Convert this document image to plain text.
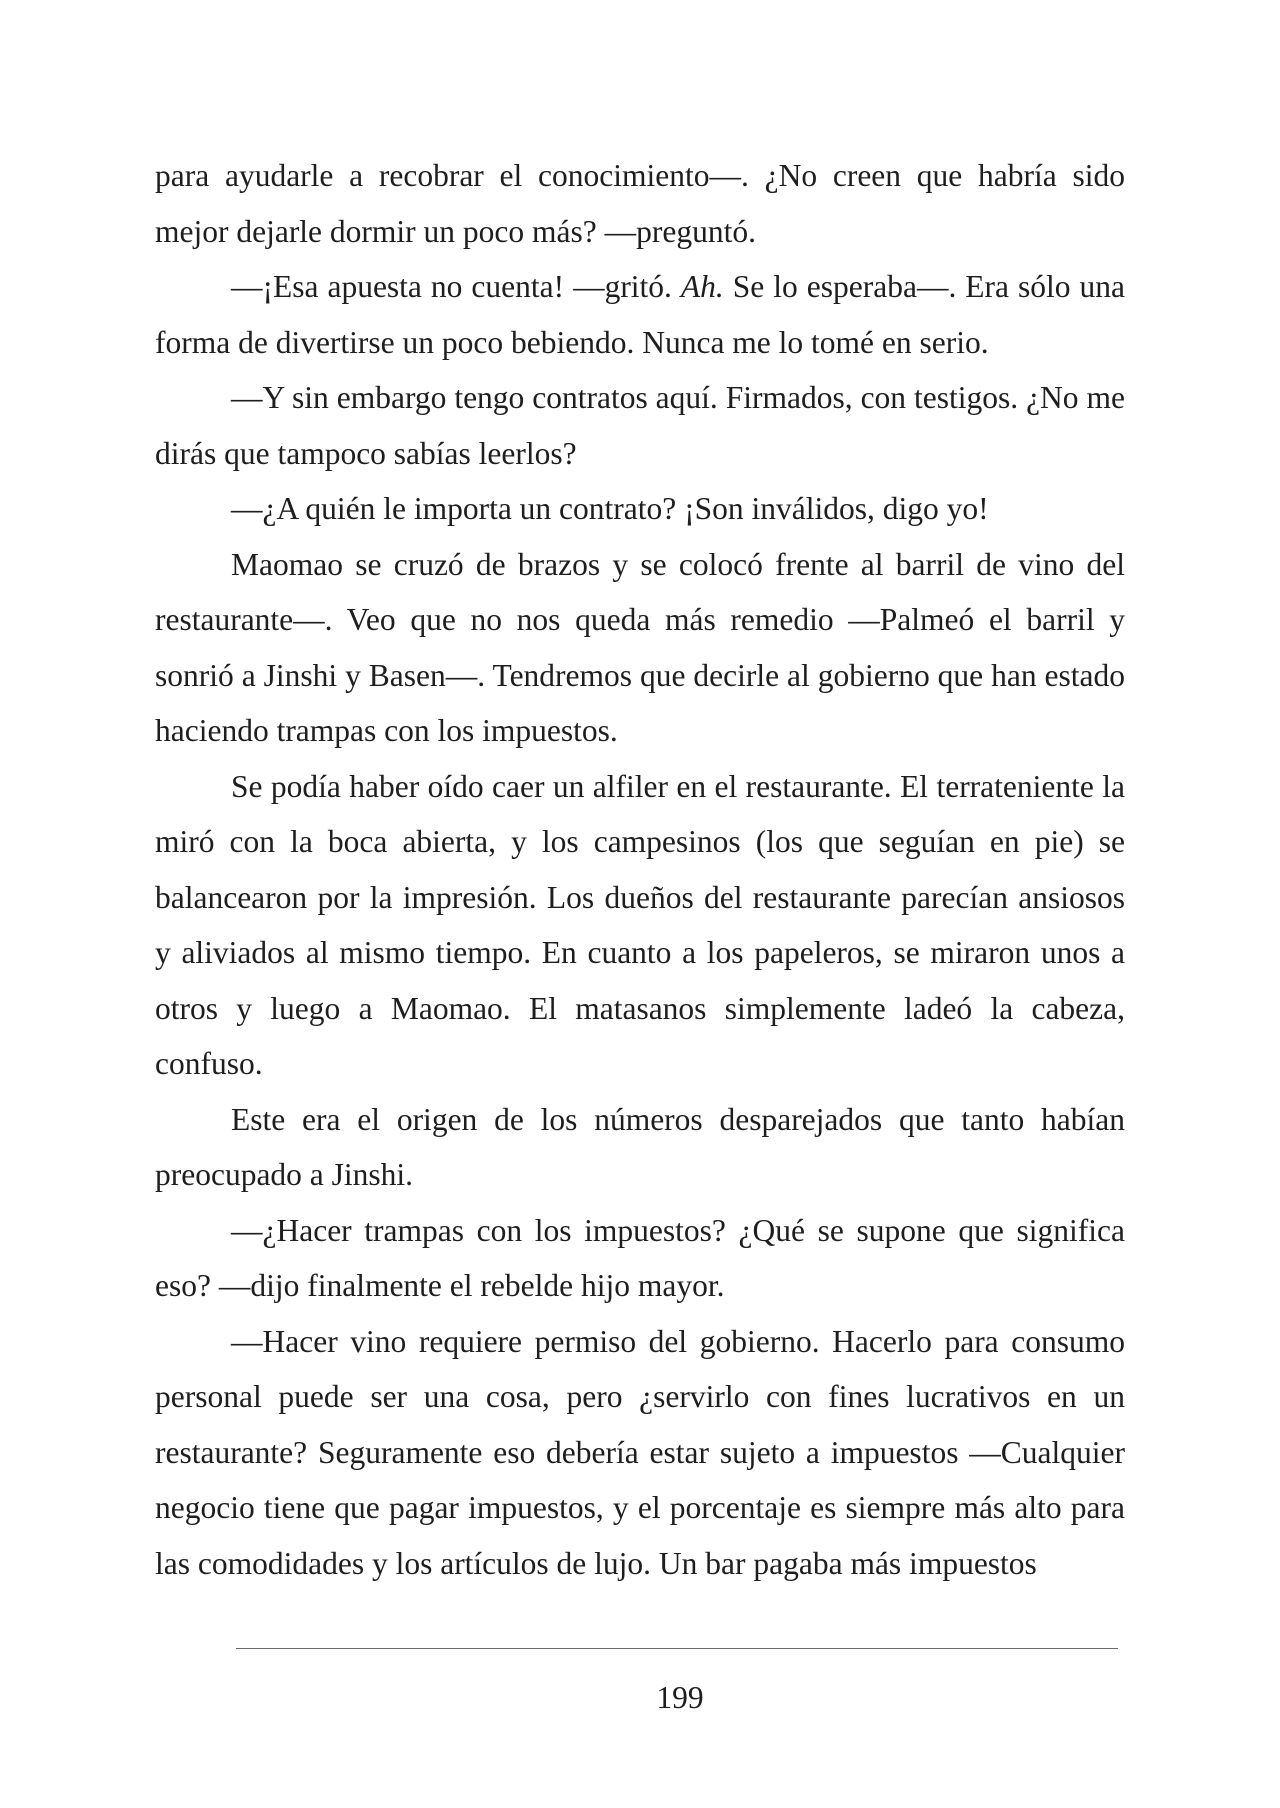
para ayudarle a recobrar el conocimiento—. ¿No creen que habría sido mejor dejarle dormir un poco más? —preguntó.

—¡Esa apuesta no cuenta! —gritó. Ah. Se lo esperaba—. Era sólo una forma de divertirse un poco bebiendo. Nunca me lo tomé en serio.

—Y sin embargo tengo contratos aquí. Firmados, con testigos. ¿No me dirás que tampoco sabías leerlos?

—¿A quién le importa un contrato? ¡Son inválidos, digo yo!

Maomao se cruzó de brazos y se colocó frente al barril de vino del restaurante—. Veo que no nos queda más remedio —Palmeó el barril y sonrió a Jinshi y Basen—. Tendremos que decirle al gobierno que han estado haciendo trampas con los impuestos.

Se podía haber oído caer un alfiler en el restaurante. El terrateniente la miró con la boca abierta, y los campesinos (los que seguían en pie) se balancearon por la impresión. Los dueños del restaurante parecían ansiosos y aliviados al mismo tiempo. En cuanto a los papeleros, se miraron unos a otros y luego a Maomao. El matasanos simplemente ladeó la cabeza, confuso.

Este era el origen de los números desparejados que tanto habían preocupado a Jinshi.

—¿Hacer trampas con los impuestos? ¿Qué se supone que significa eso? —dijo finalmente el rebelde hijo mayor.

—Hacer vino requiere permiso del gobierno. Hacerlo para consumo personal puede ser una cosa, pero ¿servirlo con fines lucrativos en un restaurante? Seguramente eso debería estar sujeto a impuestos —Cualquier negocio tiene que pagar impuestos, y el porcentaje es siempre más alto para las comodidades y los artículos de lujo. Un bar pagaba más impuestos

199
